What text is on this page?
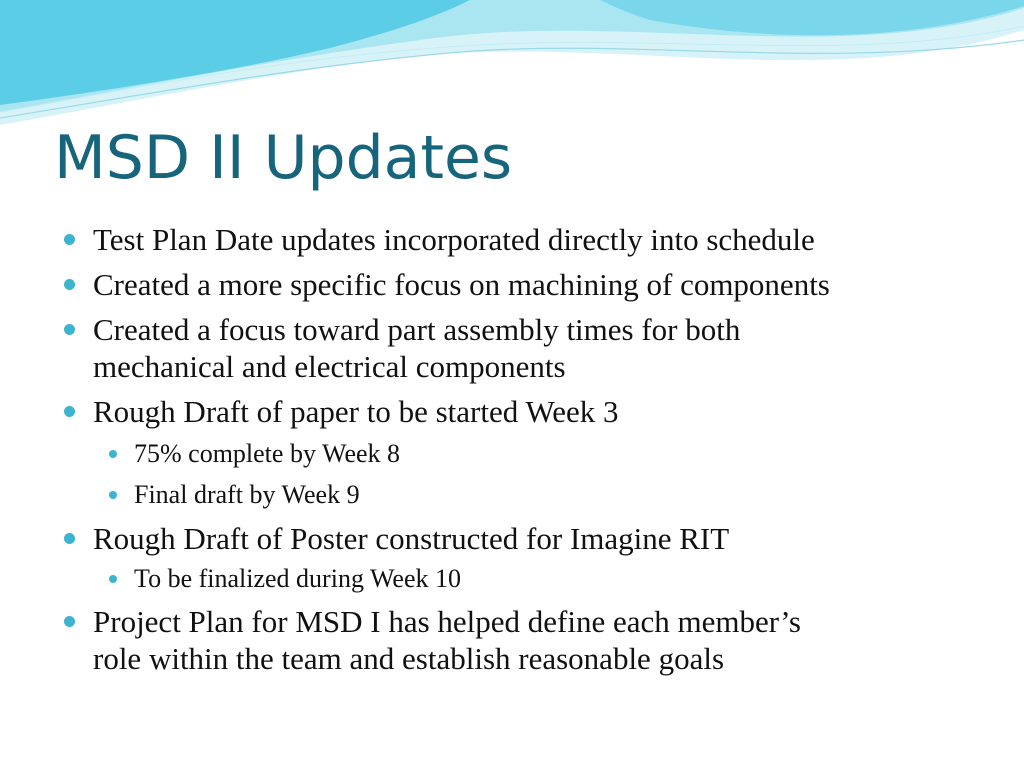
MSD II Updates
Test Plan Date updates incorporated directly into schedule
Created a more specific focus on machining of components
Created a focus toward part assembly times for both
mechanical and electrical components
Rough Draft of paper to be started Week 3
75% complete by Week 8
Final draft by Week 9
Rough Draft of Poster constructed for Imagine RIT
To be finalized during Week 10
Project Plan for MSD I has helped define each member’s
role within the team and establish reasonable goals
